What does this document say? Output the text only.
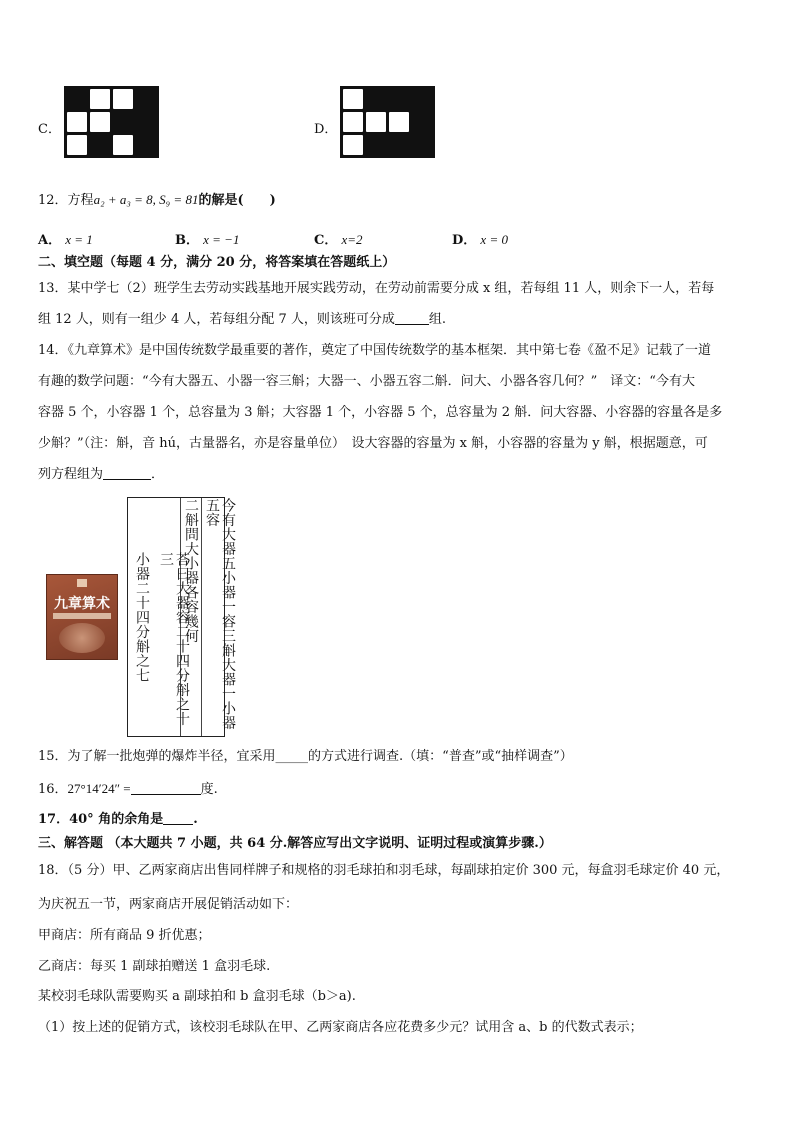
C．	D．
12．方程a₂ + a₃ = 8, S₉ = 81的解是(　　)
A． x = 1	B． x = −1	C． x=2	D． x = 0
二、填空题（每题 4 分，满分 20 分，将答案填在答题纸上）
13．某中学七（2）班学生去劳动实践基地开展实践劳动，在劳动前需要分成 x 组，若每组 11 人，则余下一人，若每
组 12 人，则有一组少 4 人，若每组分配 7 人，则该班可分成	组.
14．《九章算术》是中国传统数学最重要的著作，奠定了中国传统数学的基本框架．其中第七卷《盈不足》记载了一道
有趣的数学问题：“今有大器五、小器一容三斛；大器一、小器五容二斛．问大、小器各容几何？”　译文：“今有大
容器 5 个，小容器 1 个，总容量为 3 斛；大容器 1 个，小容器 5 个，总容量为 2 斛．问大容器、小容器的容量各是多
少斛？”（注：斛，音 hú，古量器名，亦是容量单位）　设大容器的容量为 x 斛，小容器的容量为 y 斛，根据题意，可
列方程组为	．
九章算术	今有大器五小器一容三斛大器一小器五容
二斛問大小器各容幾何
荅曰大器容二十四分斛之十三
小器二十四分斛之七
15．为了解一批炮弹的爆炸半径，宜采用_____的方式进行调查.（填：“普查”或“抽样调查”）
16．27°14′24″ =	度.
17．40° 角的余角是 .
三、解答题 （本大题共 7 小题，共 64 分.解答应写出文字说明、证明过程或演算步骤.）
18．（5 分）甲、乙两家商店出售同样牌子和规格的羽毛球拍和羽毛球，每副球拍定价 300 元，每盒羽毛球定价 40 元，
为庆祝五一节，两家商店开展促销活动如下：
甲商店：所有商品 9 折优惠；
乙商店：每买 1 副球拍赠送 1 盒羽毛球.
某校羽毛球队需要购买 a 副球拍和 b 盒羽毛球（b＞a).
（1）按上述的促销方式，该校羽毛球队在甲、乙两家商店各应花费多少元？试用含 a、b 的代数式表示；
